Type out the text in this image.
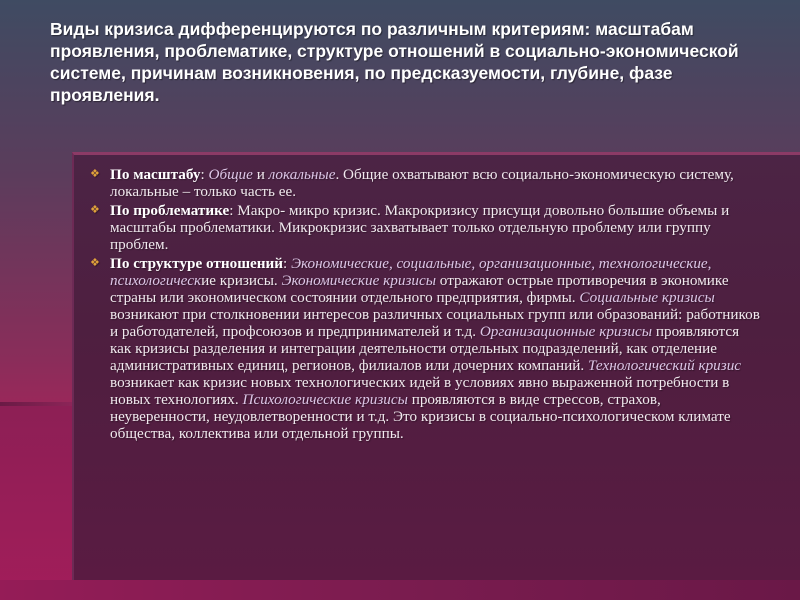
Виды кризиса дифференцируются по различным критериям: масштабам проявления, проблематике, структуре отношений в социально-экономической системе, причинам возникновения, по предсказуемости, глубине, фазе проявления.
❖ По масштабу: Общие и локальные. Общие охватывают всю социально-экономическую систему, локальные – только часть ее.
❖ По проблематике: Макро- микро кризис. Макрокризису присущи довольно большие объемы и масштабы проблематики. Микрокризис захватывает только отдельную проблему или группу проблем.
❖ По структуре отношений: Экономические, социальные, организационные, технологические, психологические кризисы. Экономические кризисы отражают острые противоречия в экономике страны или экономическом состоянии отдельного предприятия, фирмы. Социальные кризисы возникают при столкновении интересов различных социальных групп или образований: работников и работодателей, профсоюзов и предпринимателей и т.д. Организационные кризисы проявляются как кризисы разделения и интеграции деятельности отдельных подразделений, как отделение административных единиц, регионов, филиалов или дочерних компаний. Технологический кризис возникает как кризис новых технологических идей в условиях явно выраженной потребности в новых технологиях. Психологические кризисы проявляются в виде стрессов, страхов, неуверенности, неудовлетворенности и т.д. Это кризисы в социально-психологическом климате общества, коллектива или отдельной группы.
